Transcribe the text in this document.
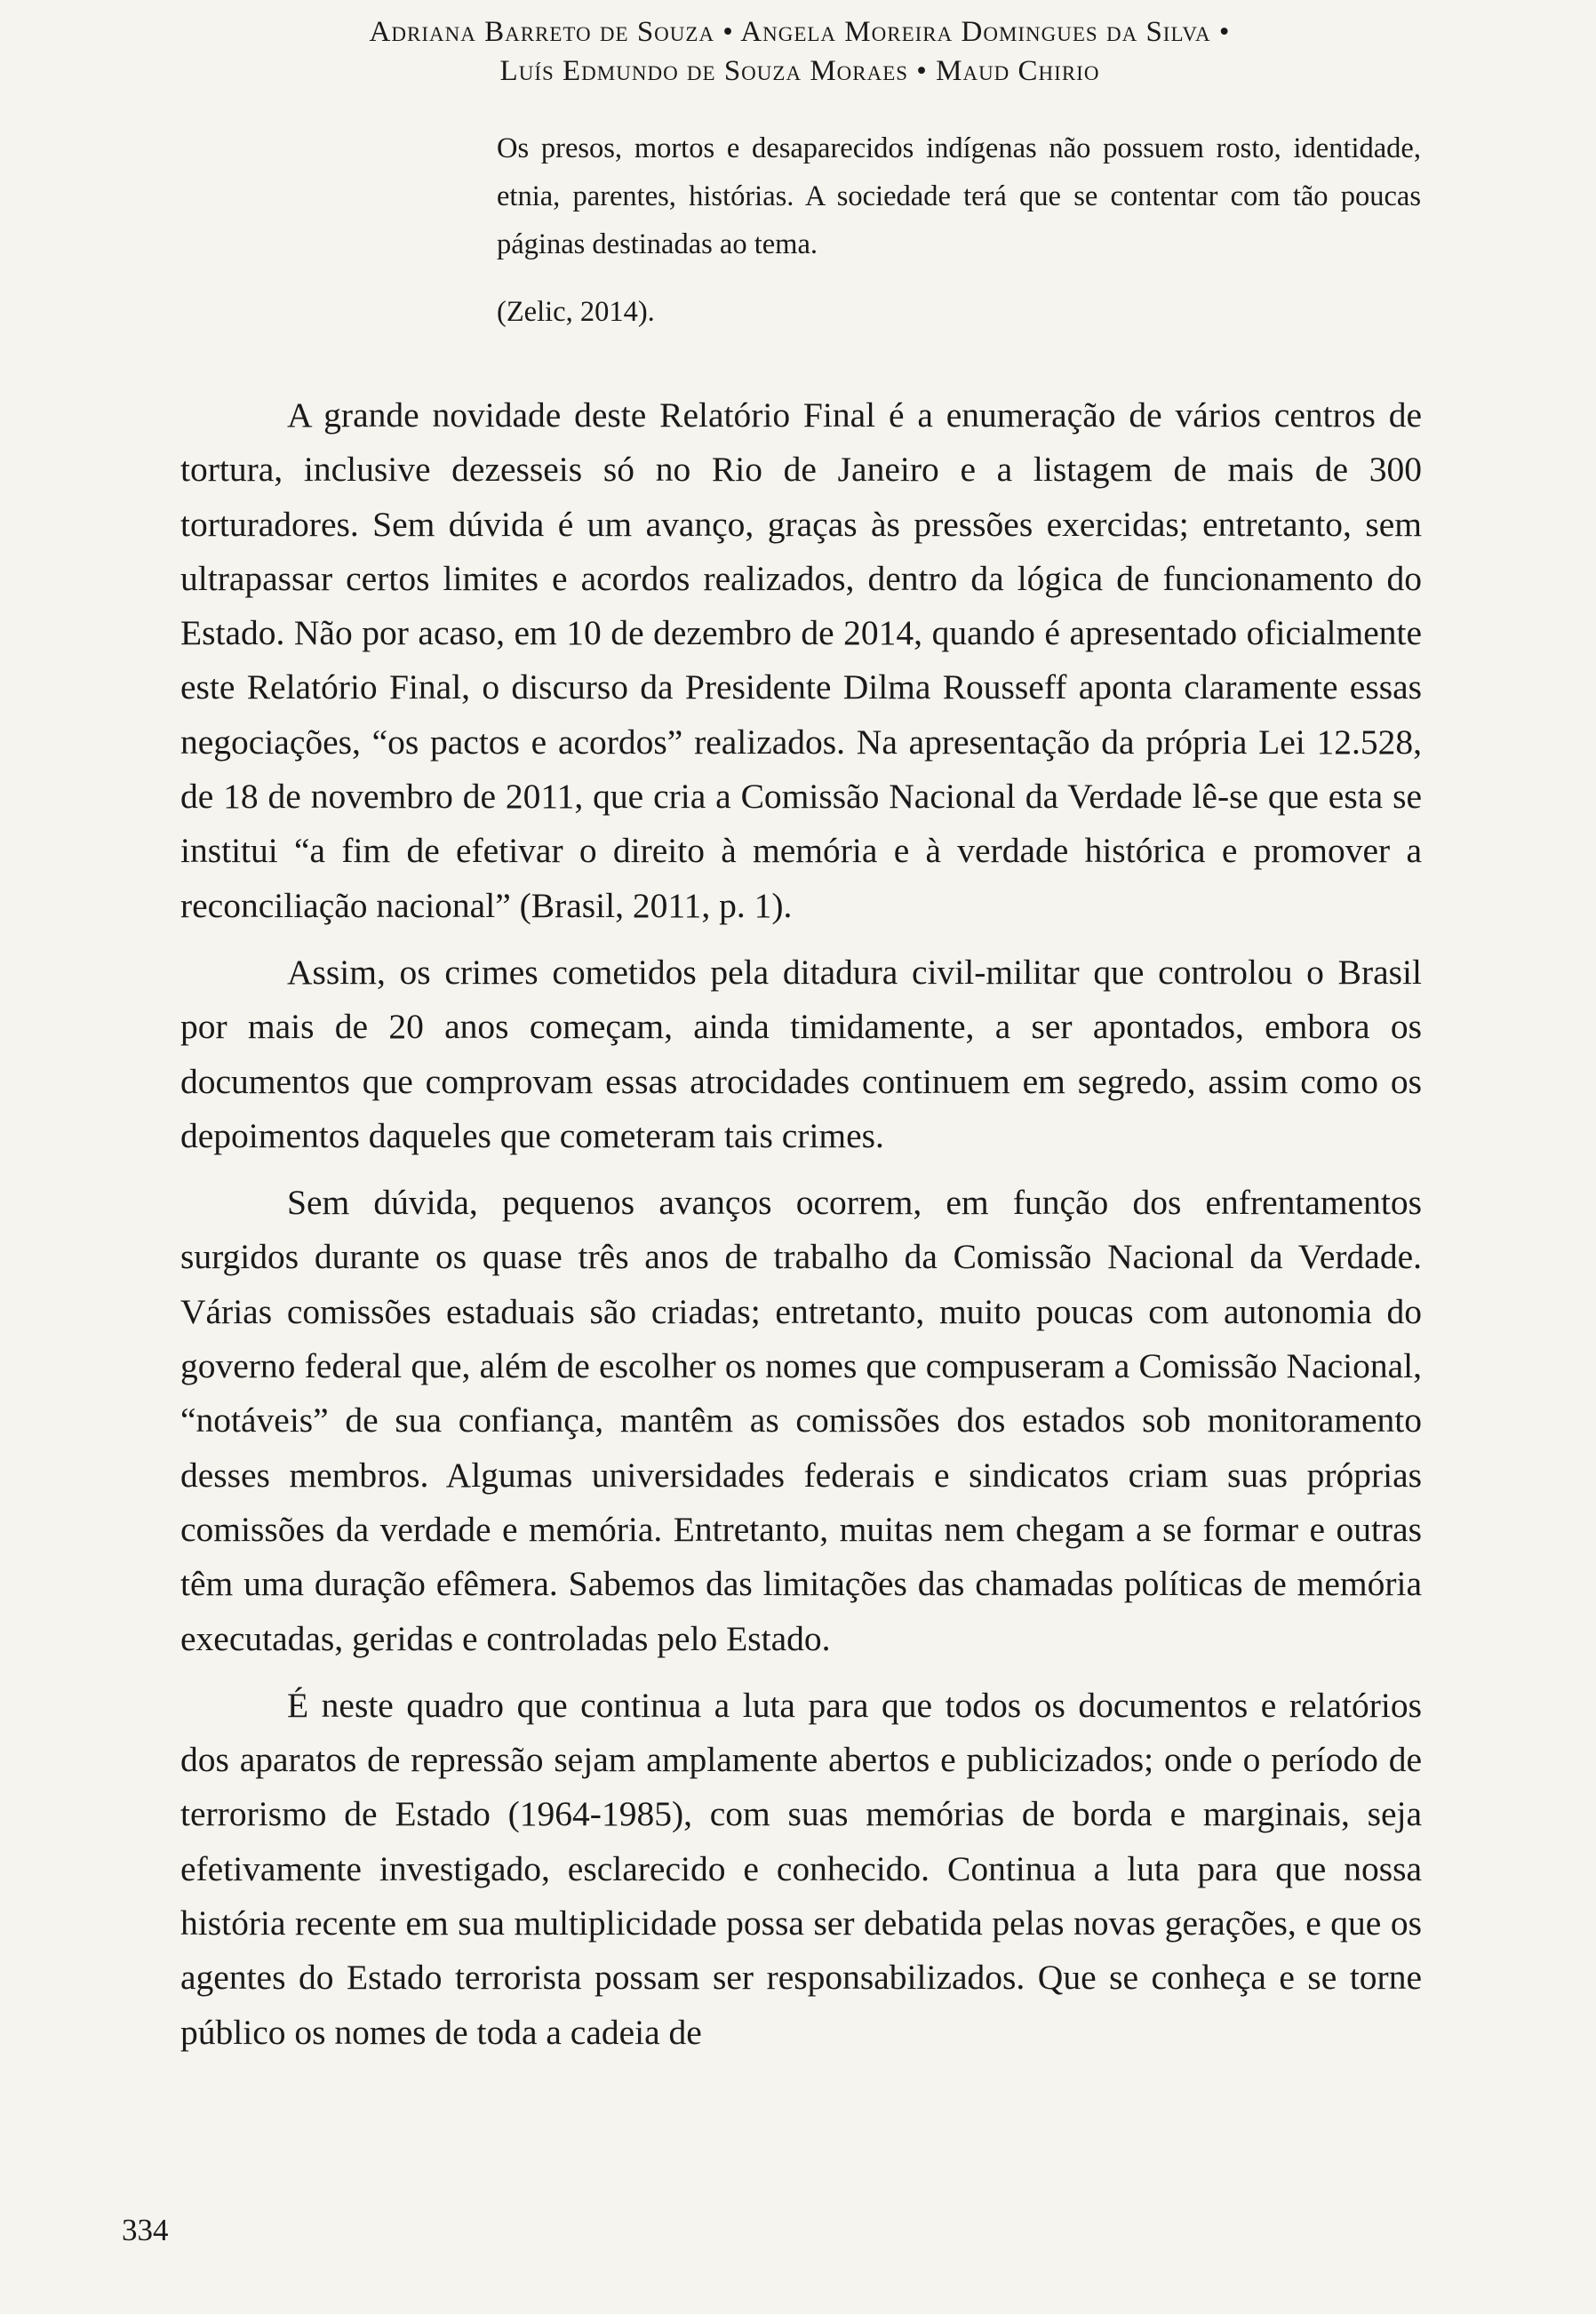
Adriana Barreto de Souza • Angela Moreira Domingues da Silva •
Luís Edmundo de Souza Moraes • Maud Chirio

Os presos, mortos e desaparecidos indígenas não possuem rosto, identidade, etnia, parentes, histórias. A sociedade terá que se contentar com tão poucas páginas destinadas ao tema.

(Zelic, 2014).

A grande novidade deste Relatório Final é a enumeração de vários centros de tortura, inclusive dezesseis só no Rio de Janeiro e a listagem de mais de 300 torturadores. Sem dúvida é um avanço, graças às pressões exercidas; entretanto, sem ultrapassar certos limites e acordos realizados, dentro da lógica de funcionamento do Estado. Não por acaso, em 10 de dezembro de 2014, quando é apresentado oficialmente este Relatório Final, o discurso da Presidente Dilma Rousseff aponta claramente essas negociações, “os pactos e acordos” realizados. Na apresentação da própria Lei 12.528, de 18 de novembro de 2011, que cria a Comissão Nacional da Verdade lê-se que esta se institui “a fim de efetivar o direito à memória e à verdade histórica e promover a reconciliação nacional” (Brasil, 2011, p. 1).

Assim, os crimes cometidos pela ditadura civil-militar que controlou o Brasil por mais de 20 anos começam, ainda timidamente, a ser apontados, embora os documentos que comprovam essas atrocidades continuem em segredo, assim como os depoimentos daqueles que cometeram tais crimes.

Sem dúvida, pequenos avanços ocorrem, em função dos enfrentamentos surgidos durante os quase três anos de trabalho da Comissão Nacional da Verdade. Várias comissões estaduais são criadas; entretanto, muito poucas com autonomia do governo federal que, além de escolher os nomes que compuseram a Comissão Nacional, “notáveis” de sua confiança, mantêm as comissões dos estados sob monitoramento desses membros. Algumas universidades federais e sindicatos criam suas próprias comissões da verdade e memória. Entretanto, muitas nem chegam a se formar e outras têm uma duração efêmera. Sabemos das limitações das chamadas políticas de memória executadas, geridas e controladas pelo Estado.

É neste quadro que continua a luta para que todos os documentos e relatórios dos aparatos de repressão sejam amplamente abertos e publicizados; onde o período de terrorismo de Estado (1964-1985), com suas memórias de borda e marginais, seja efetivamente investigado, esclarecido e conhecido. Continua a luta para que nossa história recente em sua multiplicidade possa ser debatida pelas novas gerações, e que os agentes do Estado terrorista possam ser responsabilizados. Que se conheça e se torne público os nomes de toda a cadeia de

334
